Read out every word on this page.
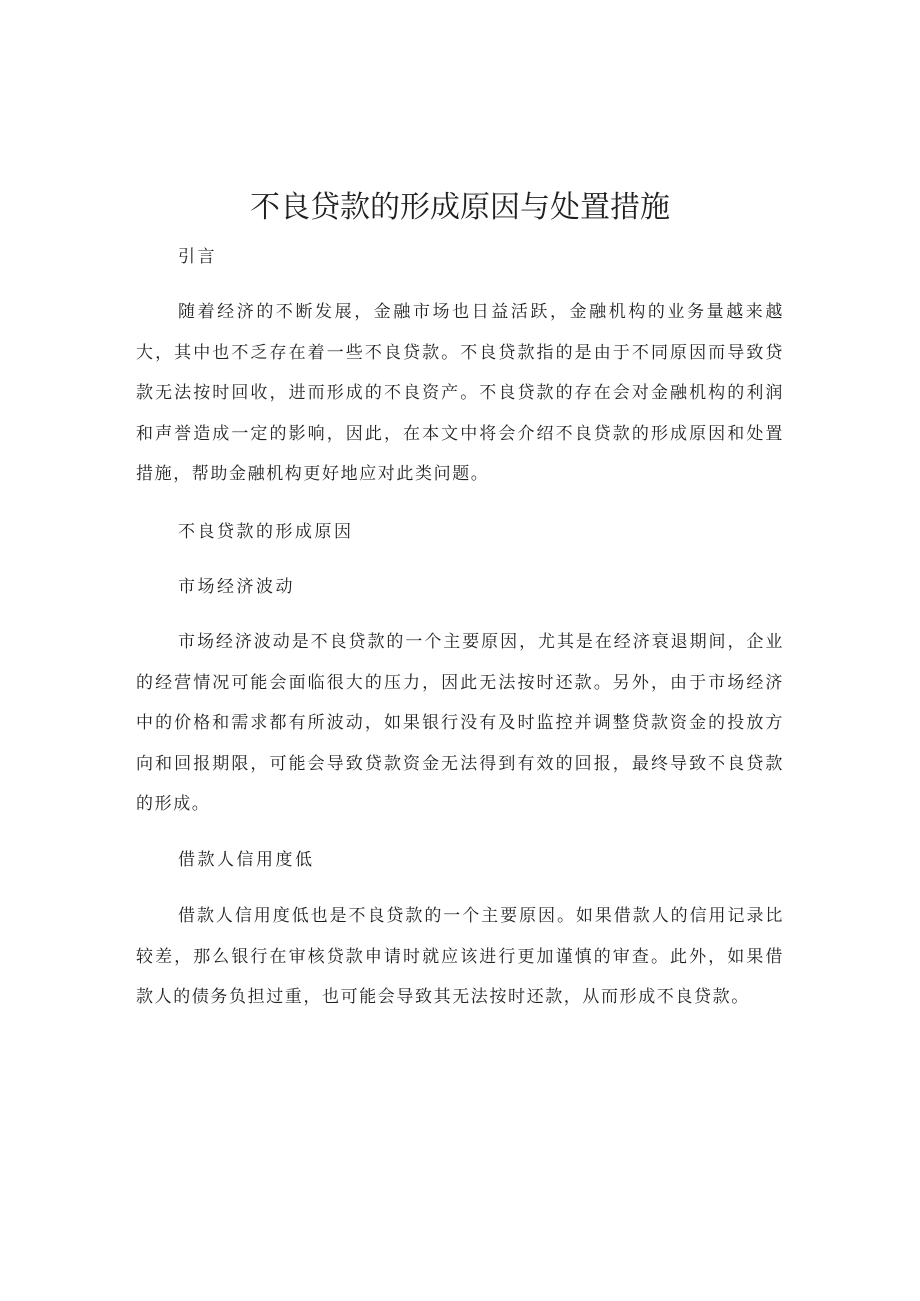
不良贷款的形成原因与处置措施

引言

随着经济的不断发展，金融市场也日益活跃，金融机构的业务量越来越大，其中也不乏存在着一些不良贷款。不良贷款指的是由于不同原因而导致贷款无法按时回收，进而形成的不良资产。不良贷款的存在会对金融机构的利润和声誉造成一定的影响，因此，在本文中将会介绍不良贷款的形成原因和处置措施，帮助金融机构更好地应对此类问题。

不良贷款的形成原因

市场经济波动

市场经济波动是不良贷款的一个主要原因，尤其是在经济衰退期间，企业的经营情况可能会面临很大的压力，因此无法按时还款。另外，由于市场经济中的价格和需求都有所波动，如果银行没有及时监控并调整贷款资金的投放方向和回报期限，可能会导致贷款资金无法得到有效的回报，最终导致不良贷款的形成。

借款人信用度低

借款人信用度低也是不良贷款的一个主要原因。如果借款人的信用记录比较差，那么银行在审核贷款申请时就应该进行更加谨慎的审查。此外，如果借款人的债务负担过重，也可能会导致其无法按时还款，从而形成不良贷款。
